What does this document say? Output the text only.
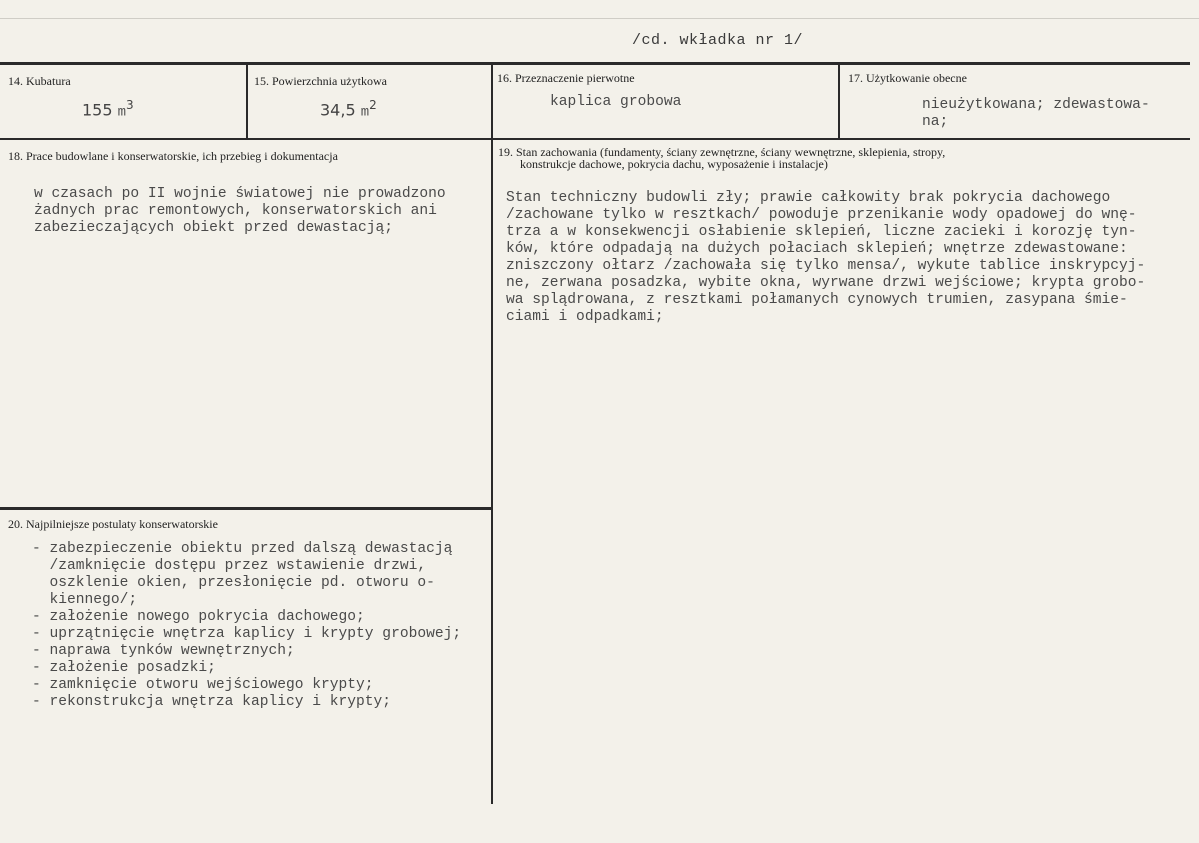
/cd. wkładka nr 1/
14. Kubatura
155 $m^3$
15. Powierzchnia użytkowa
34,5 $m^2$
16. Przeznaczenie pierwotne
kaplica grobowa
17. Użytkowanie obecne
nieużytkowana; zdewastowa-
na;
18. Prace budowlane i konserwatorskie, ich przebieg i dokumentacja
w czasach po II wojnie światowej nie prowadzono
żadnych prac remontowych, konserwatorskich ani
zabezieczających obiekt przed dewastacją;
19. Stan zachowania (fundamenty, ściany zewnętrzne, ściany wewnętrzne, sklepienia, stropy,
konstrukcje dachowe, pokrycia dachu, wyposażenie i instalacje)
Stan techniczny budowli zły; prawie całkowity brak pokrycia dachowego
/zachowane tylko w resztkach/ powoduje przenikanie wody opadowej do wnę-
trza a w konsekwencji osłabienie sklepień, liczne zacieki i korozję tyn-
ków, które odpadają na dużych połaciach sklepień; wnętrze zdewastowane:
zniszczony ołtarz /zachowała się tylko mensa/, wykute tablice inskrypcyj-
ne, zerwana posadzka, wybite okna, wyrwane drzwi wejściowe; krypta grobo-
wa splądrowana, z resztkami połamanych cynowych trumien, zasypana śmie-
ciami i odpadkami;
20. Najpilniejsze postulaty konserwatorskie
- zabezpieczenie obiektu przed dalszą dewastacją
/zamknięcie dostępu przez wstawienie drzwi,
oszklenie okien, przesłonięcie pd. otworu o-
kiennego/;
- założenie nowego pokrycia dachowego;
- uprzątnięcie wnętrza kaplicy i krypty grobowej;
- naprawa tynków wewnętrznych;
- założenie posadzki;
- zamknięcie otworu wejściowego krypty;
- rekonstrukcja wnętrza kaplicy i krypty;
